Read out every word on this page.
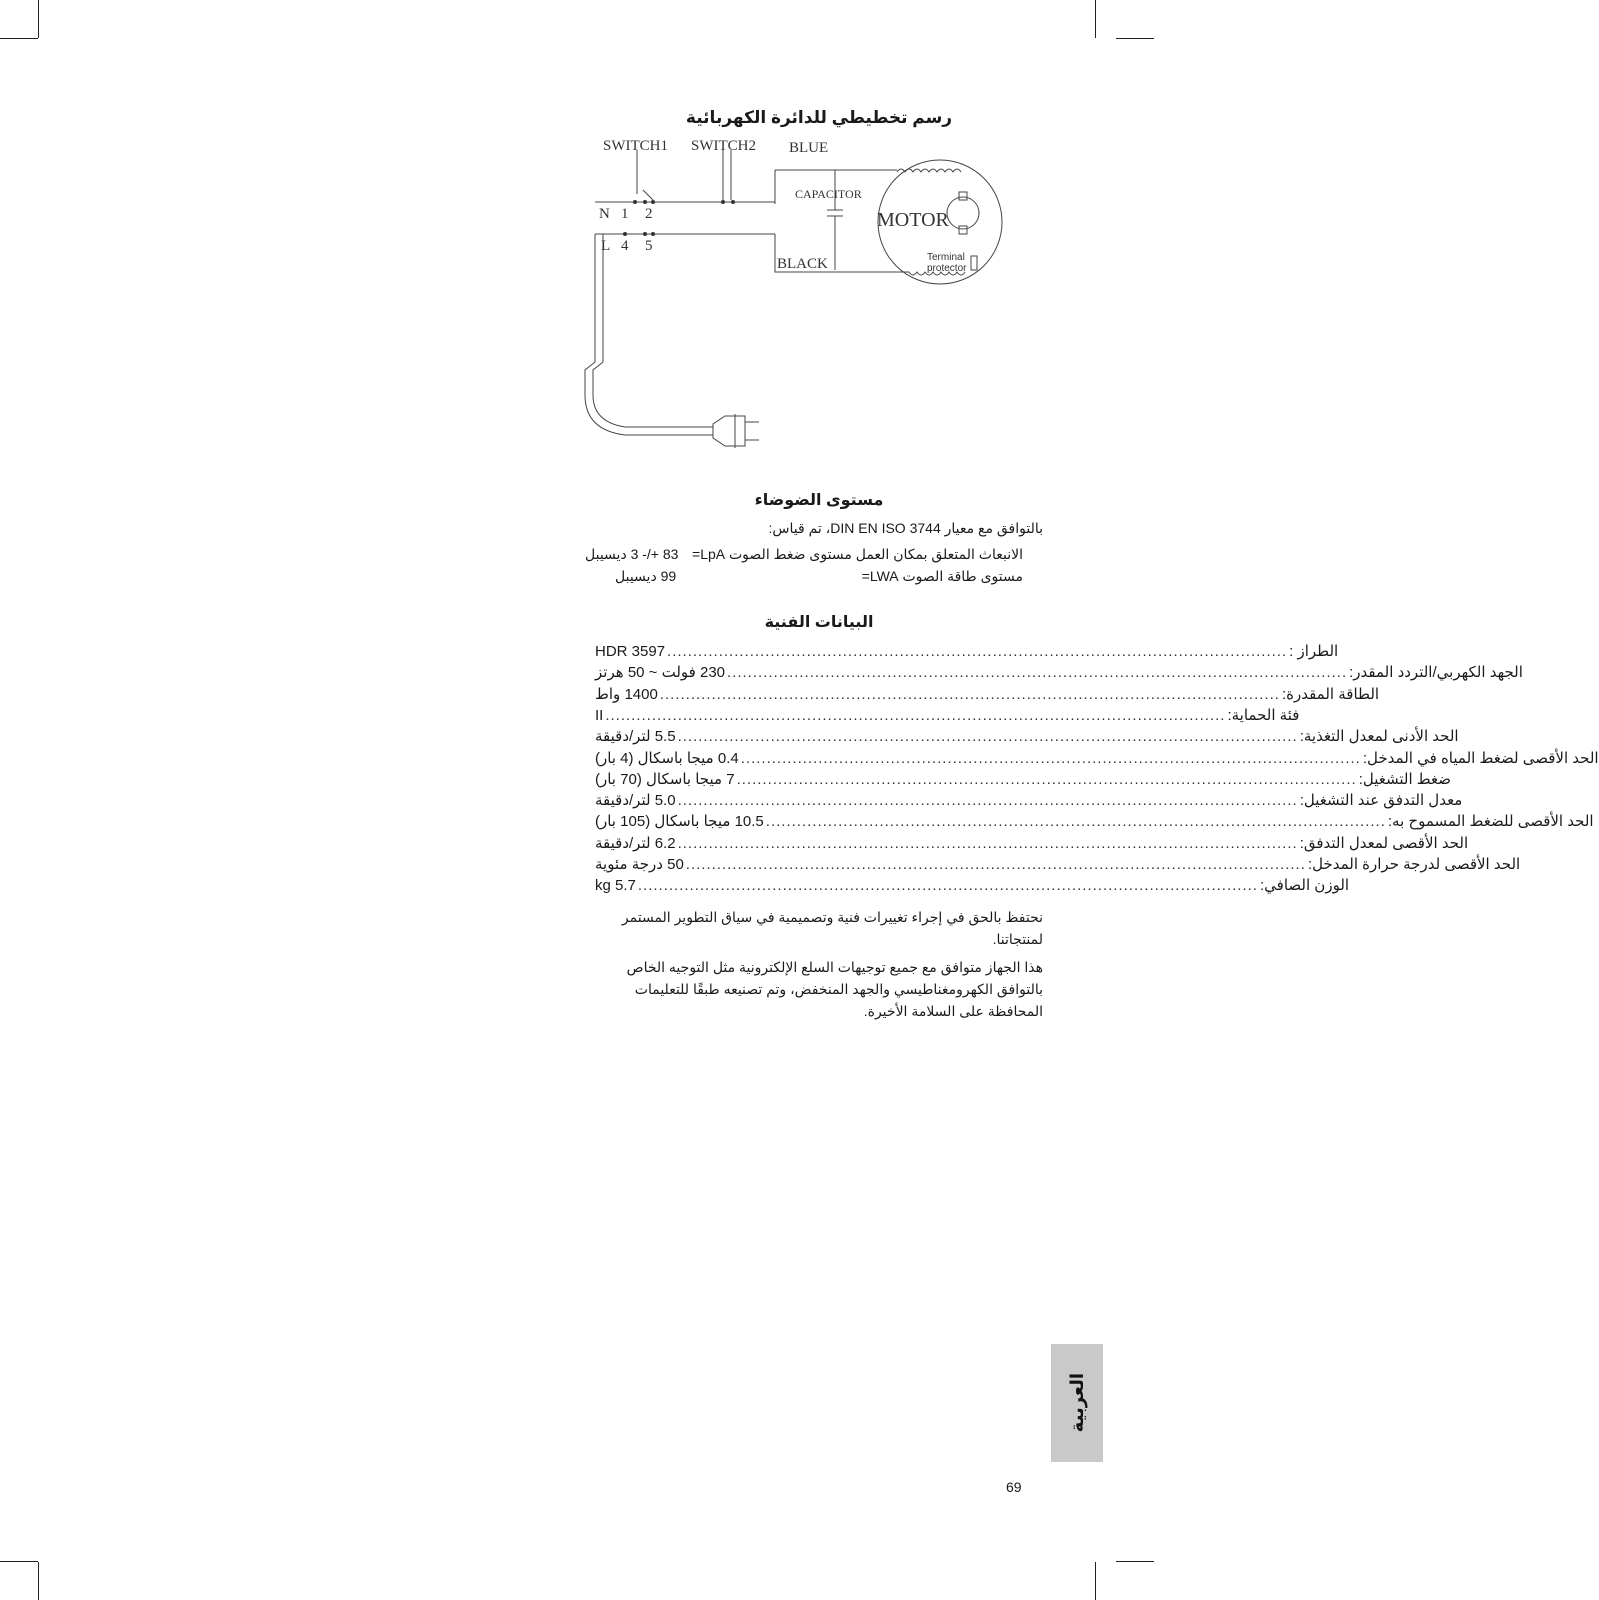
رسم تخطيطي للدائرة الكهربائية
SWITCH1 SWITCH2 BLUE
CAPACITOR
MOTOR
Terminal
protector
BLACK
N 1 2
L 4 5
مستوى الضوضاء
بالتوافق مع معيار DIN EN ISO 3744، تم قياس:
الانبعاث المتعلق بمكان العمل مستوى ضغط الصوت LpA=
83 +/- 3 ديسيبل
مستوى طاقة الصوت LWA=
99 ديسيبل
البيانات الفنية
HDR 3597 ........................................................................................................................ الطراز :
230 فولت ~ 50 هرتز ........................................................................................................................ الجهد الكهربي/التردد المقدر:
1400 واط ........................................................................................................................ الطاقة المقدرة:
II ........................................................................................................................ فئة الحماية:
5.5 لتر/دقيقة ........................................................................................................................ الحد الأدنى لمعدل التغذية:
0.4 ميجا باسكال (4 بار) ........................................................................................................................ الحد الأقصى لضغط المياه في المدخل:
7 ميجا باسكال (70 بار) ........................................................................................................................ ضغط التشغيل:
5.0 لتر/دقيقة ........................................................................................................................ معدل التدفق عند التشغيل:
10.5 ميجا باسكال (105 بار) ........................................................................................................................ الحد الأقصى للضغط المسموح به:
6.2 لتر/دقيقة ........................................................................................................................ الحد الأقصى لمعدل التدفق:
50 درجة مئوية ........................................................................................................................ الحد الأقصى لدرجة حرارة المدخل:
5.7 kg ........................................................................................................................ الوزن الصافي:
نحتفظ بالحق في إجراء تغييرات فنية وتصميمية في سياق التطوير المستمر
لمنتجاتنا.
هذا الجهاز متوافق مع جميع توجيهات السلع الإلكترونية مثل التوجيه الخاص
بالتوافق الكهرومغناطيسي والجهد المنخفض، وتم تصنيعه طبقًا للتعليمات
المحافظة على السلامة الأخيرة.
العربية
69
